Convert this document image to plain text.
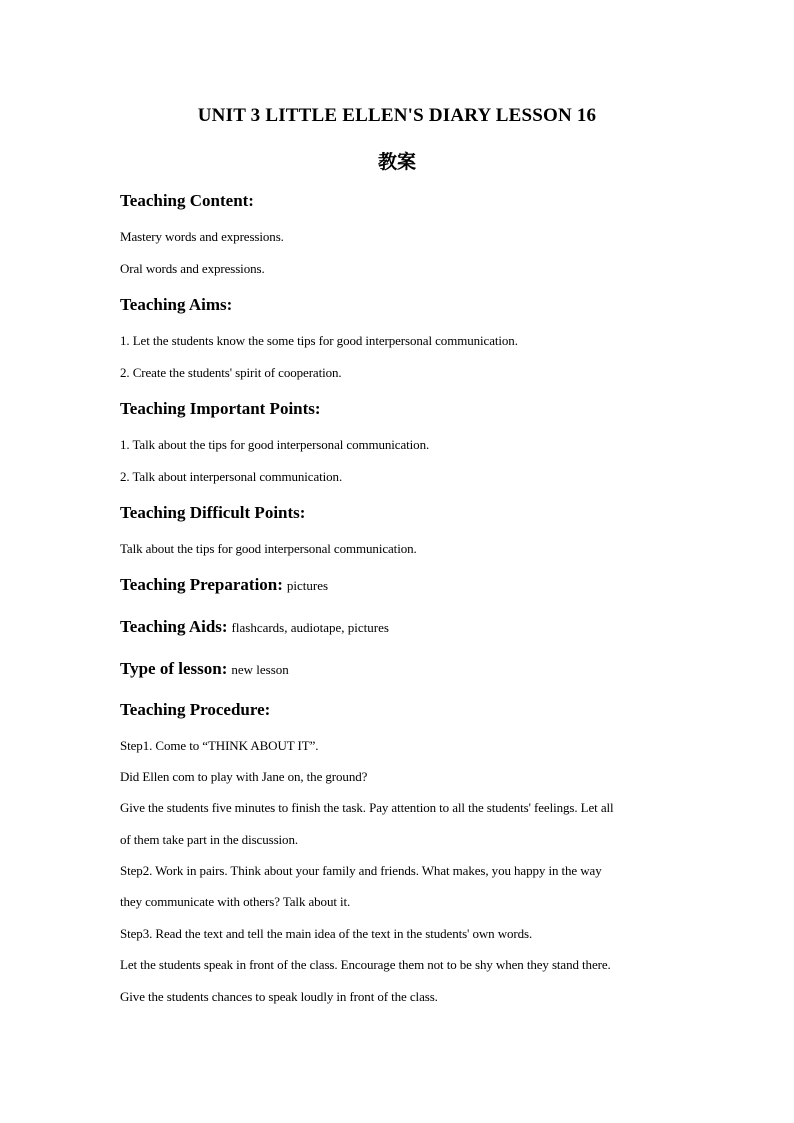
UNIT 3 LITTLE ELLEN'S DIARY LESSON 16
教案
Teaching Content:
Mastery words and expressions.
Oral words and expressions.
Teaching Aims:
1. Let the students know the some tips for good interpersonal communication.
2. Create the students' spirit of cooperation.
Teaching Important Points:
1. Talk about the tips for good interpersonal communication.
2. Talk about interpersonal communication.
Teaching Difficult Points:
Talk about the tips for good interpersonal communication.
Teaching Preparation: pictures
Teaching Aids: flashcards, audiotape, pictures
Type of lesson: new lesson
Teaching Procedure:
Step1. Come to “THINK ABOUT IT”.
Did Ellen com to play with Jane on, the ground?
Give the students five minutes to finish the task. Pay attention to all the students' feelings. Let all
of them take part in the discussion.
Step2. Work in pairs. Think about your family and friends. What makes, you happy in the way
they communicate with others? Talk about it.
Step3. Read the text and tell the main idea of the text in the students' own words.
Let the students speak in front of the class. Encourage them not to be shy when they stand there.
Give the students chances to speak loudly in front of the class.
